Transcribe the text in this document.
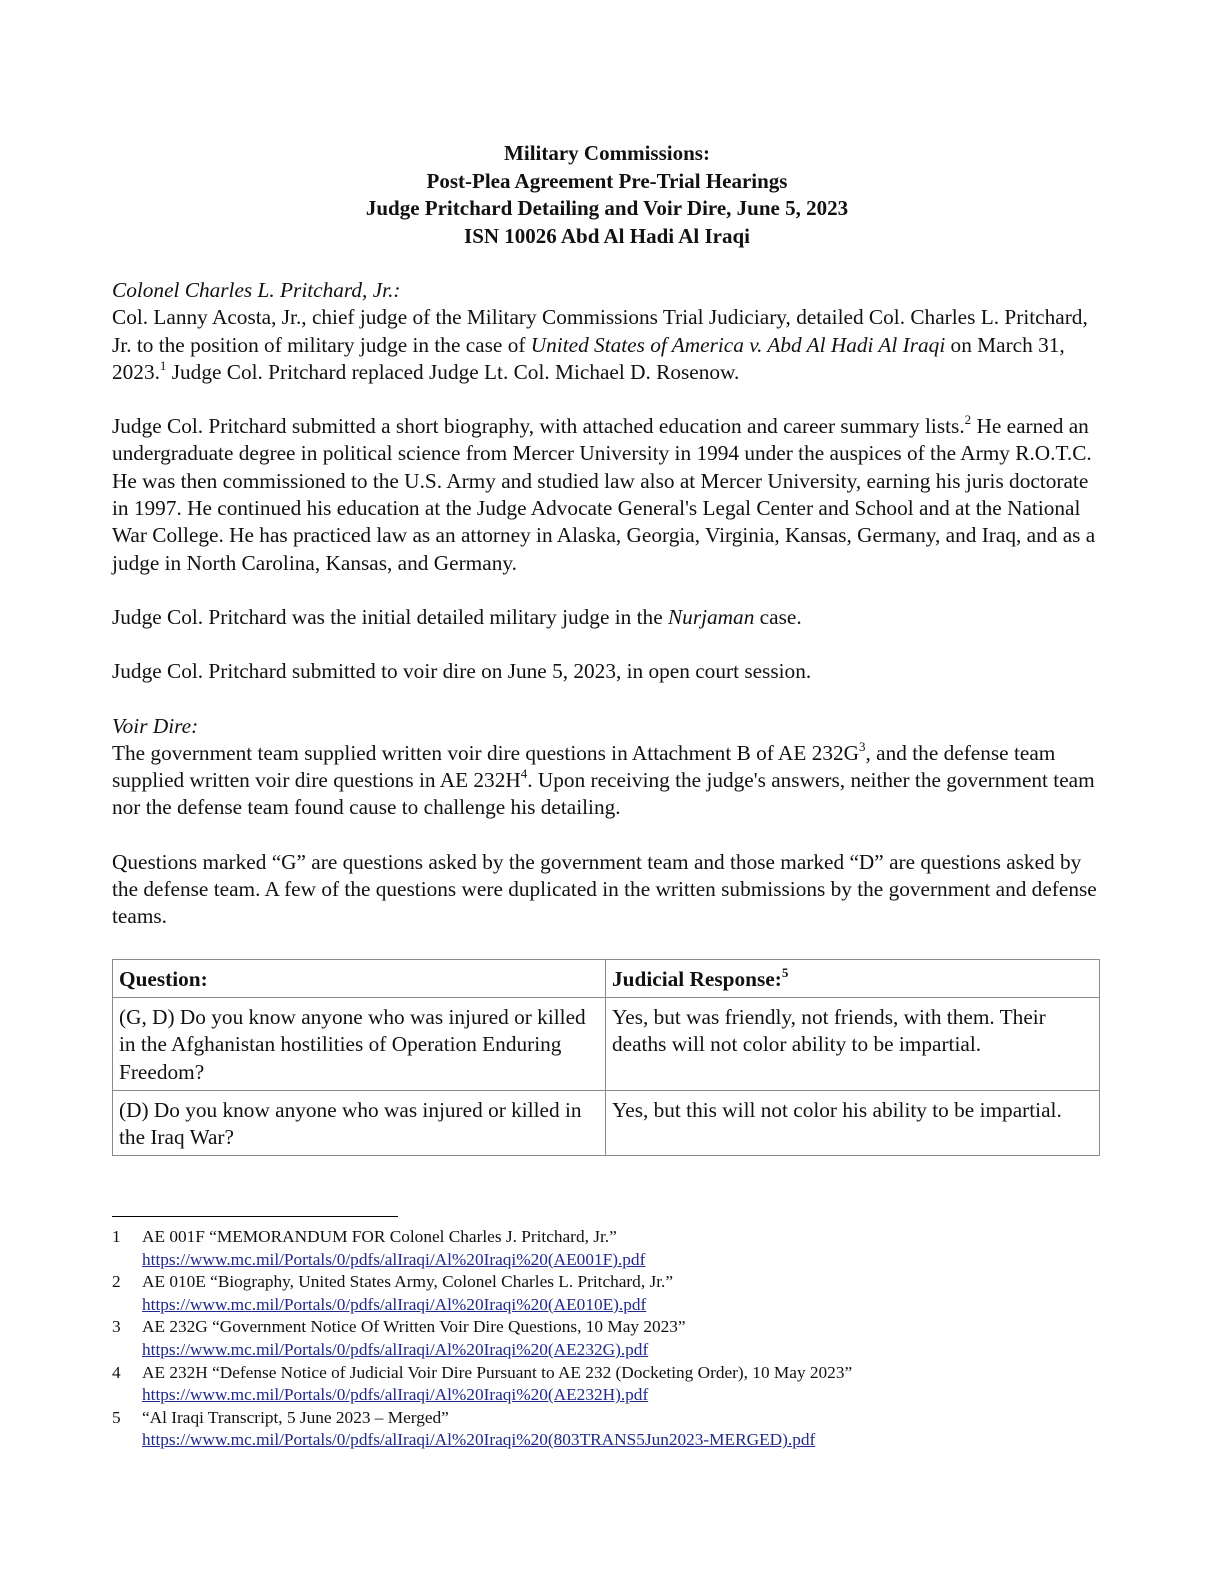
Military Commissions:
Post-Plea Agreement Pre-Trial Hearings
Judge Pritchard Detailing and Voir Dire, June 5, 2023
ISN 10026 Abd Al Hadi Al Iraqi

Colonel Charles L. Pritchard, Jr.:

Col. Lanny Acosta, Jr., chief judge of the Military Commissions Trial Judiciary, detailed Col. Charles L. Pritchard, Jr. to the position of military judge in the case of United States of America v. Abd Al Hadi Al Iraqi on March 31, 2023.$^1$ Judge Col. Pritchard replaced Judge Lt. Col. Michael D. Rosenow.

Judge Col. Pritchard submitted a short biography, with attached education and career summary lists.$^2$ He earned an undergraduate degree in political science from Mercer University in 1994 under the auspices of the Army R.O.T.C. He was then commissioned to the U.S. Army and studied law also at Mercer University, earning his juris doctorate in 1997. He continued his education at the Judge Advocate General's Legal Center and School and at the National War College. He has practiced law as an attorney in Alaska, Georgia, Virginia, Kansas, Germany, and Iraq, and as a judge in North Carolina, Kansas, and Germany.

Judge Col. Pritchard was the initial detailed military judge in the Nurjaman case.

Judge Col. Pritchard submitted to voir dire on June 5, 2023, in open court session.

Voir Dire:

The government team supplied written voir dire questions in Attachment B of AE $232G^3$, and the defense team supplied written voir dire questions in AE $232H^4$. Upon receiving the judge's answers, neither the government team nor the defense team found cause to challenge his detailing.

Questions marked “G” are questions asked by the government team and those marked “D” are questions asked by the defense team. A few of the questions were duplicated in the written submissions by the government and defense teams.

Question:	Judicial Response:$^5$
(G, D) Do you know anyone who was injured or killed in the Afghanistan hostilities of Operation Enduring Freedom?	Yes, but was friendly, not friends, with them. Their deaths will not color ability to be impartial.
(D) Do you know anyone who was injured or killed in the Iraq War?	Yes, but this will not color his ability to be impartial.
1	AE 001F “MEMORANDUM FOR Colonel Charles J. Pritchard, Jr.”
https://www.mc.mil/Portals/0/pdfs/alIraqi/Al%20Iraqi%20(AE001F).pdf
2	AE 010E “Biography, United States Army, Colonel Charles L. Pritchard, Jr.”
https://www.mc.mil/Portals/0/pdfs/alIraqi/Al%20Iraqi%20(AE010E).pdf
3	AE 232G “Government Notice Of Written Voir Dire Questions, 10 May 2023”
https://www.mc.mil/Portals/0/pdfs/alIraqi/Al%20Iraqi%20(AE232G).pdf
4	AE 232H “Defense Notice of Judicial Voir Dire Pursuant to AE 232 (Docketing Order), 10 May 2023”
https://www.mc.mil/Portals/0/pdfs/alIraqi/Al%20Iraqi%20(AE232H).pdf
5	“Al Iraqi Transcript, 5 June 2023 – Merged”
https://www.mc.mil/Portals/0/pdfs/alIraqi/Al%20Iraqi%20(803TRANS5Jun2023-MERGED).pdf
